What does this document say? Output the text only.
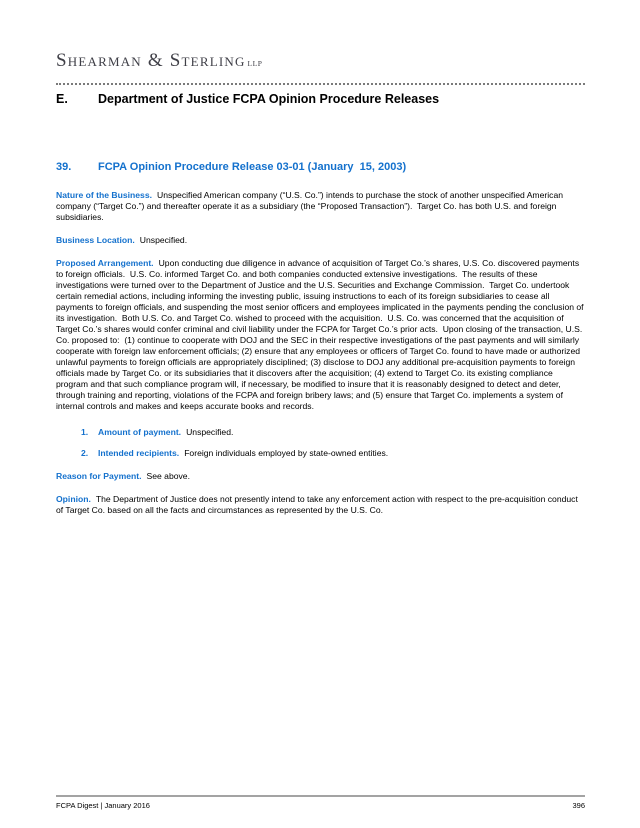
Shearman & Sterling LLP
E. Department of Justice FCPA Opinion Procedure Releases
39. FCPA Opinion Procedure Release 03-01 (January  15, 2003)

Nature of the Business. Unspecified American company (“U.S. Co.”) intends to purchase the stock of another unspecified American company (“Target Co.”) and thereafter operate it as a subsidiary (the “Proposed Transaction”).  Target Co. has both U.S. and foreign subsidiaries.

Business Location. Unspecified.

Proposed Arrangement. Upon conducting due diligence in advance of acquisition of Target Co.’s shares, U.S. Co. discovered payments to foreign officials.  U.S. Co. informed Target Co. and both companies conducted extensive investigations.  The results of these investigations were turned over to the Department of Justice and the U.S. Securities and Exchange Commission.  Target Co. undertook certain remedial actions, including informing the investing public, issuing instructions to each of its foreign subsidiaries to cease all payments to foreign officials, and suspending the most senior officers and employees implicated in the payments pending the conclusion of its investigation.  Both U.S. Co. and Target Co. wished to proceed with the acquisition.  U.S. Co. was concerned that the acquisition of Target Co.’s shares would confer criminal and civil liability under the FCPA for Target Co.’s prior acts.  Upon closing of the transaction, U.S. Co. proposed to:  (1) continue to cooperate with DOJ and the SEC in their respective investigations of the past payments and will similarly cooperate with foreign law enforcement officials; (2) ensure that any employees or officers of Target Co. found to have made or authorized unlawful payments to foreign officials are appropriately disciplined; (3) disclose to DOJ any additional pre-acquisition payments to foreign officials made by Target Co. or its subsidiaries that it discovers after the acquisition; (4) extend to Target Co. its existing compliance program and that such compliance program will, if necessary, be modified to insure that it is reasonably designed to detect and deter, through training and reporting, violations of the FCPA and foreign bribery laws; and (5) ensure that Target Co. implements a system of internal controls and makes and keeps accurate books and records.

1. Amount of payment. Unspecified.
2. Intended recipients. Foreign individuals employed by state-owned entities.

Reason for Payment. See above.

Opinion. The Department of Justice does not presently intend to take any enforcement action with respect to the pre-acquisition conduct of Target Co. based on all the facts and circumstances as represented by the U.S. Co.

FCPA Digest | January 2016	396
